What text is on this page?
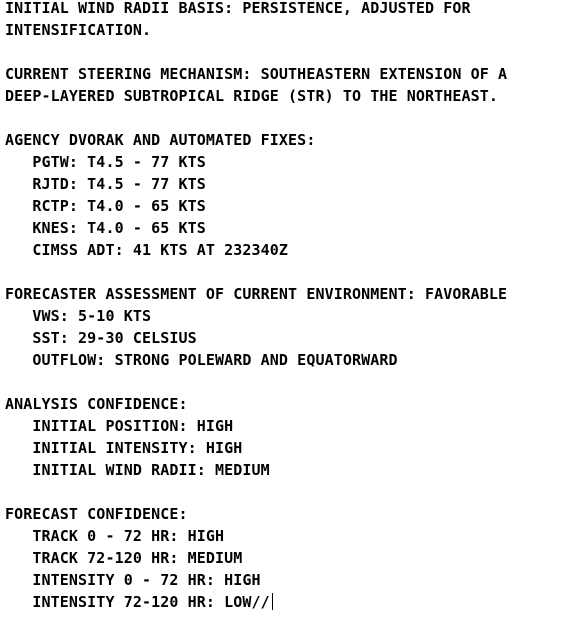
INITIAL WIND RADII BASIS: PERSISTENCE, ADJUSTED FOR
INTENSIFICATION.
CURRENT STEERING MECHANISM: SOUTHEASTERN EXTENSION OF A
DEEP-LAYERED SUBTROPICAL RIDGE (STR) TO THE NORTHEAST.
AGENCY DVORAK AND AUTOMATED FIXES:
PGTW: T4.5 - 77 KTS
RJTD: T4.5 - 77 KTS
RCTP: T4.0 - 65 KTS
KNES: T4.0 - 65 KTS
CIMSS ADT: 41 KTS AT 232340Z
FORECASTER ASSESSMENT OF CURRENT ENVIRONMENT: FAVORABLE
VWS: 5-10 KTS
SST: 29-30 CELSIUS
OUTFLOW: STRONG POLEWARD AND EQUATORWARD
ANALYSIS CONFIDENCE:
INITIAL POSITION: HIGH
INITIAL INTENSITY: HIGH
INITIAL WIND RADII: MEDIUM
FORECAST CONFIDENCE:
TRACK 0 - 72 HR: HIGH
TRACK 72-120 HR: MEDIUM
INTENSITY 0 - 72 HR: HIGH
INTENSITY 72-120 HR: LOW//
